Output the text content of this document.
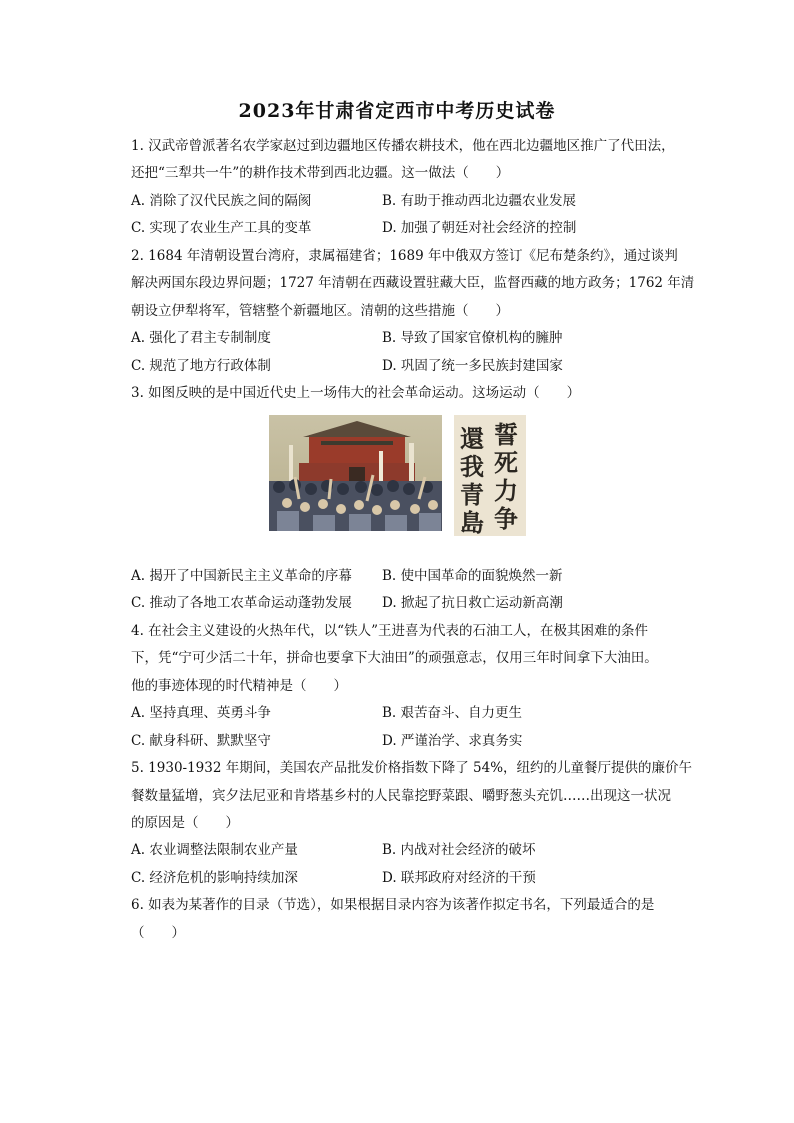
2023年甘肃省定西市中考历史试卷
1. 汉武帝曾派著名农学家赵过到边疆地区传播农耕技术，他在西北边疆地区推广了代田法，
还把“三犁共一牛”的耕作技术带到西北边疆。这一做法（　　）
A. 消除了汉代民族之间的隔阂	B. 有助于推动西北边疆农业发展
C. 实现了农业生产工具的变革	D. 加强了朝廷对社会经济的控制
2. 1684 年清朝设置台湾府，隶属福建省；1689 年中俄双方签订《尼布楚条约》，通过谈判
解决两国东段边界问题；1727 年清朝在西藏设置驻藏大臣，监督西藏的地方政务；1762 年清
朝设立伊犁将军，管辖整个新疆地区。清朝的这些措施（　　）
A. 强化了君主专制制度	B. 导致了国家官僚机构的臃肿
C. 规范了地方行政体制	D. 巩固了统一多民族封建国家
3. 如图反映的是中国近代史上一场伟大的社会革命运动。这场运动（　　）
誓
死
力
争
還
我
青
島
A. 揭开了中国新民主主义革命的序幕 B. 使中国革命的面貌焕然一新
C. 推动了各地工农革命运动蓬勃发展 D. 掀起了抗日救亡运动新高潮
4. 在社会主义建设的火热年代，以“铁人”王进喜为代表的石油工人，在极其困难的条件
下，凭“宁可少活二十年，拼命也要拿下大油田”的顽强意志，仅用三年时间拿下大油田。
他的事迹体现的时代精神是（　　）
A. 坚持真理、英勇斗争	B. 艰苦奋斗、自力更生
C. 献身科研、默默坚守	D. 严谨治学、求真务实
5. 1930-1932 年期间，美国农产品批发价格指数下降了 54%，纽约的儿童餐厅提供的廉价午
餐数量猛增，宾夕法尼亚和肯塔基乡村的人民靠挖野菜跟、嚼野葱头充饥……出现这一状况
的原因是（　　）
A. 农业调整法限制农业产量	B. 内战对社会经济的破坏
C. 经济危机的影响持续加深	D. 联邦政府对经济的干预
6. 如表为某著作的目录（节选），如果根据目录内容为该著作拟定书名，下列最适合的是
（　　）
